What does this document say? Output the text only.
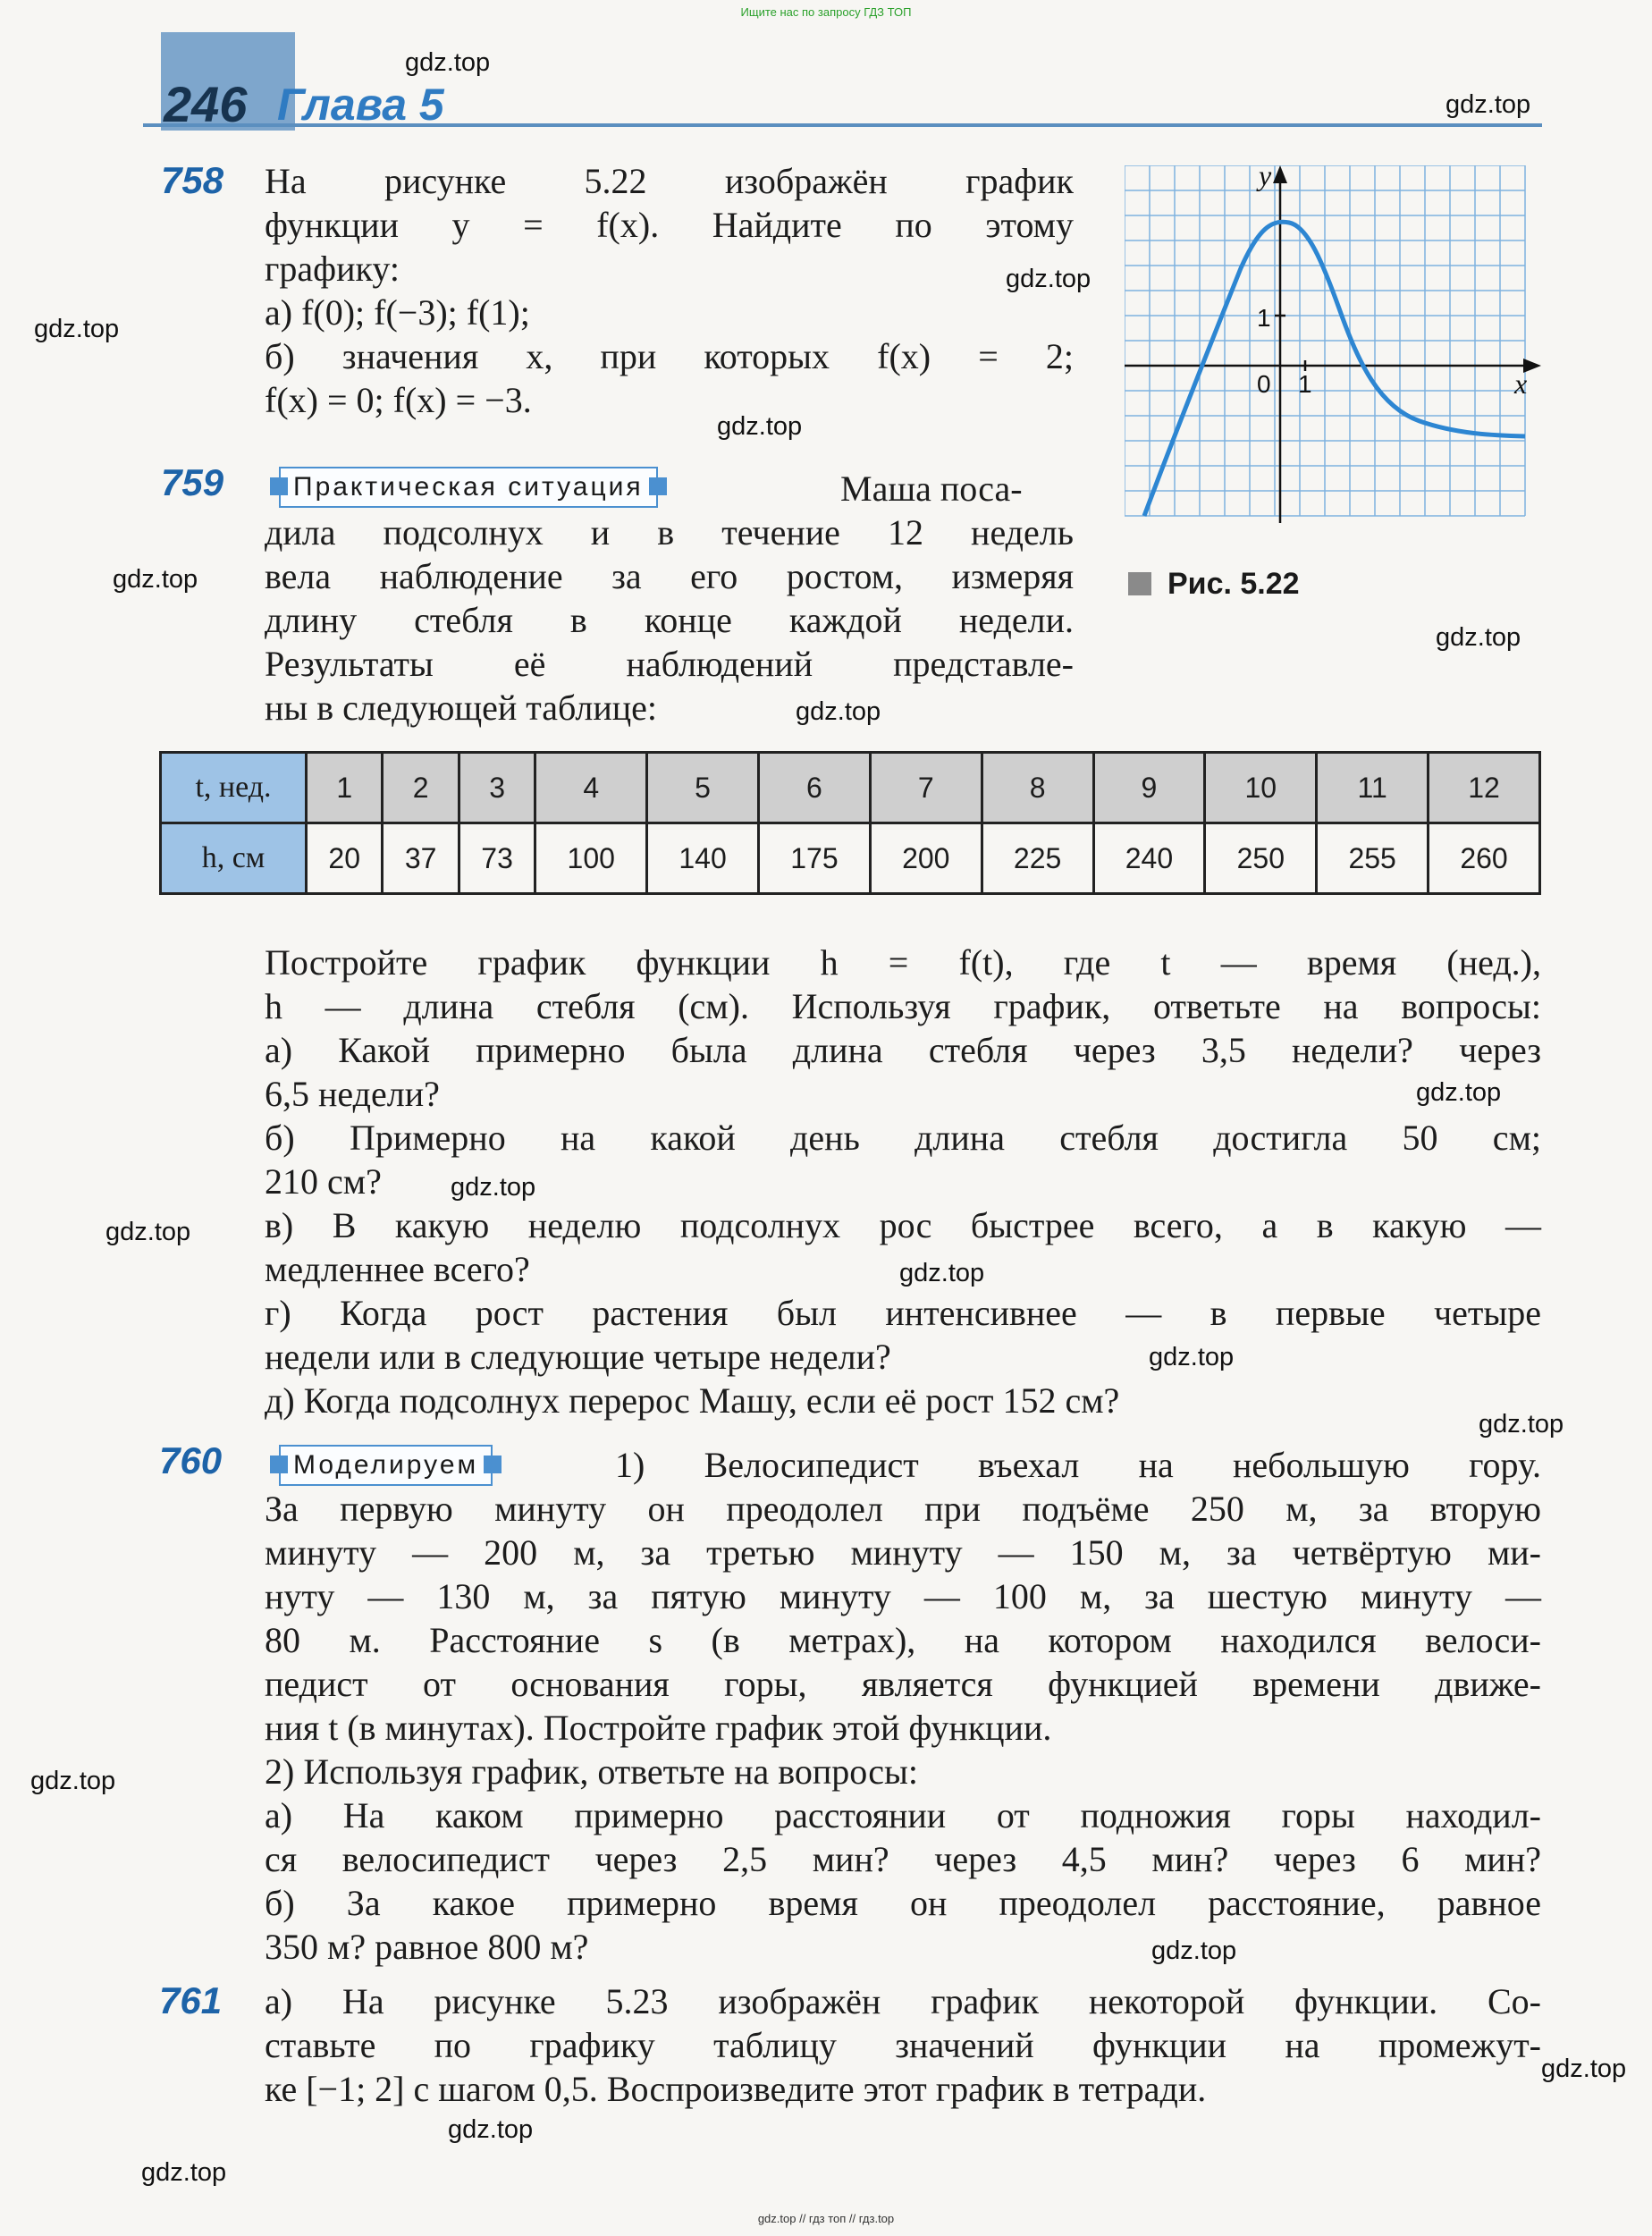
Ищите нас по запросу ГДЗ ТОП
246 Глава 5
gdz.top
gdz.top
gdz.top
gdz.top
gdz.top
gdz.top
gdz.top
gdz.top
gdz.top
gdz.top
gdz.top
gdz.top
gdz.top
gdz.top
gdz.top
gdz.top
gdz.top
gdz.top
gdz.top
758 На рисунке 5.22 изображён график
функции y = f(x). Найдите по этому
графику:
а) f(0); f(−3); f(1);
б) значения x, при которых f(x) = 2;
f(x) = 0; f(x) = −3.
y
x
1
0 1
Рис. 5.22
759	Практическая ситуация	Маша поса-
дила подсолнух и в течение 12 недель
вела наблюдение за его ростом, измеряя
длину стебля в конце каждой недели.
Результаты её наблюдений представле-
ны в следующей таблице:
t, нед.	1	2	3	4	5	6	7	8	9	10	11	12
h, см	20	37	73	100	140	175	200	225	240	250	255	260
Постройте график функции h = f(t), где t — время (нед.),
h — длина стебля (см). Используя график, ответьте на вопросы:
а) Какой примерно была длина стебля через 3,5 недели? через
6,5 недели?
б) Примерно на какой день длина стебля достигла 50 см;
210 см?
в) В какую неделю подсолнух рос быстрее всего, а в какую —
медленнее всего?
г) Когда рост растения был интенсивнее — в первые четыре
недели или в следующие четыре недели?
д) Когда подсолнух перерос Машу, если её рост 152 см?
760	Моделируем	1) Велосипедист въехал на небольшую гору.
За первую минуту он преодолел при подъёме 250 м, за вторую
минуту — 200 м, за третью минуту — 150 м, за четвёртую ми-
нуту — 130 м, за пятую минуту — 100 м, за шестую минуту —
80 м. Расстояние s (в метрах), на котором находился велоси-
педист от основания горы, является функцией времени движе-
ния t (в минутах). Постройте график этой функции.
2) Используя график, ответьте на вопросы:
а) На каком примерно расстоянии от подножия горы находил-
ся велосипедист через 2,5 мин? через 4,5 мин? через 6 мин?
б) За какое примерно время он преодолел расстояние, равное
350 м? равное 800 м?
761 а) На рисунке 5.23 изображён график некоторой функции. Со-
ставьте по графику таблицу значений функции на промежут-
ке [−1; 2] с шагом 0,5. Воспроизведите этот график в тетради.
gdz.top // гдз топ // гдз.top
